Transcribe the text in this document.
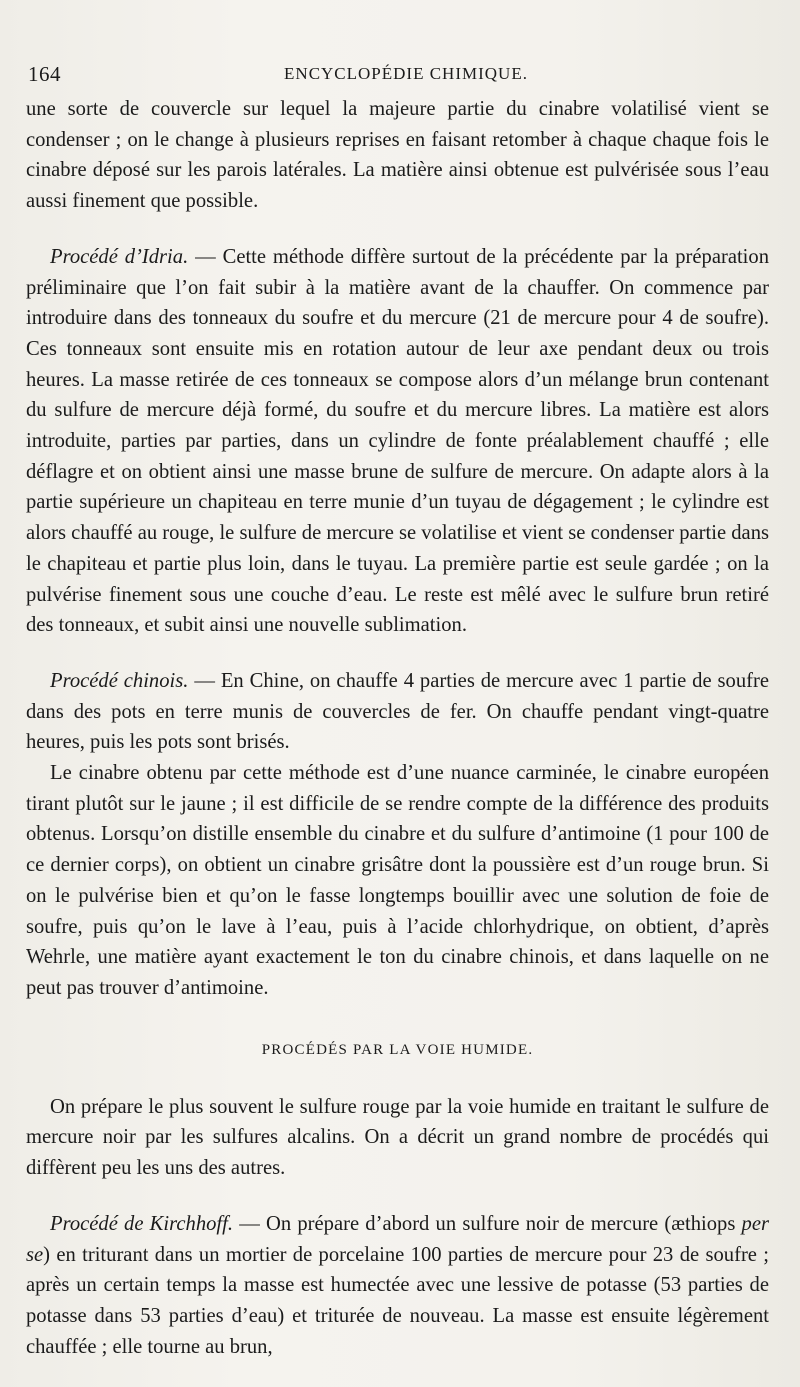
164	ENCYCLOPÉDIE CHIMIQUE.

une sorte de couvercle sur lequel la majeure partie du cinabre volatilisé vient se condenser ; on le change à plusieurs reprises en faisant retomber à chaque chaque fois le cinabre déposé sur les parois latérales. La matière ainsi obtenue est pulvérisée sous l’eau aussi finement que possible.

Procédé d’Idria. — Cette méthode diffère surtout de la précédente par la préparation préliminaire que l’on fait subir à la matière avant de la chauffer. On commence par introduire dans des tonneaux du soufre et du mercure (21 de mercure pour 4 de soufre). Ces tonneaux sont ensuite mis en rotation autour de leur axe pendant deux ou trois heures. La masse retirée de ces tonneaux se compose alors d’un mélange brun contenant du sulfure de mercure déjà formé, du soufre et du mercure libres. La matière est alors introduite, parties par parties, dans un cylindre de fonte préalablement chauffé ; elle déflagre et on obtient ainsi une masse brune de sulfure de mercure. On adapte alors à la partie supérieure un chapiteau en terre munie d’un tuyau de dégagement ; le cylindre est alors chauffé au rouge, le sulfure de mercure se volatilise et vient se condenser partie dans le chapiteau et partie plus loin, dans le tuyau. La première partie est seule gardée ; on la pulvérise finement sous une couche d’eau. Le reste est mêlé avec le sulfure brun retiré des tonneaux, et subit ainsi une nouvelle sublimation.

Procédé chinois. — En Chine, on chauffe 4 parties de mercure avec 1 partie de soufre dans des pots en terre munis de couvercles de fer. On chauffe pendant vingt-quatre heures, puis les pots sont brisés.

Le cinabre obtenu par cette méthode est d’une nuance carminée, le cinabre européen tirant plutôt sur le jaune ; il est difficile de se rendre compte de la différence des produits obtenus. Lorsqu’on distille ensemble du cinabre et du sulfure d’antimoine (1 pour 100 de ce dernier corps), on obtient un cinabre grisâtre dont la poussière est d’un rouge brun. Si on le pulvérise bien et qu’on le fasse longtemps bouillir avec une solution de foie de soufre, puis qu’on le lave à l’eau, puis à l’acide chlorhydrique, on obtient, d’après Wehrle, une matière ayant exactement le ton du cinabre chinois, et dans laquelle on ne peut pas trouver d’antimoine.

PROCÉDÉS PAR LA VOIE HUMIDE.

On prépare le plus souvent le sulfure rouge par la voie humide en traitant le sulfure de mercure noir par les sulfures alcalins. On a décrit un grand nombre de procédés qui diffèrent peu les uns des autres.

Procédé de Kirchhoff. — On prépare d’abord un sulfure noir de mercure (æthiops per se) en triturant dans un mortier de porcelaine 100 parties de mercure pour 23 de soufre ; après un certain temps la masse est humectée avec une lessive de potasse (53 parties de potasse dans 53 parties d’eau) et triturée de nouveau. La masse est ensuite légèrement chauffée ; elle tourne au brun,
